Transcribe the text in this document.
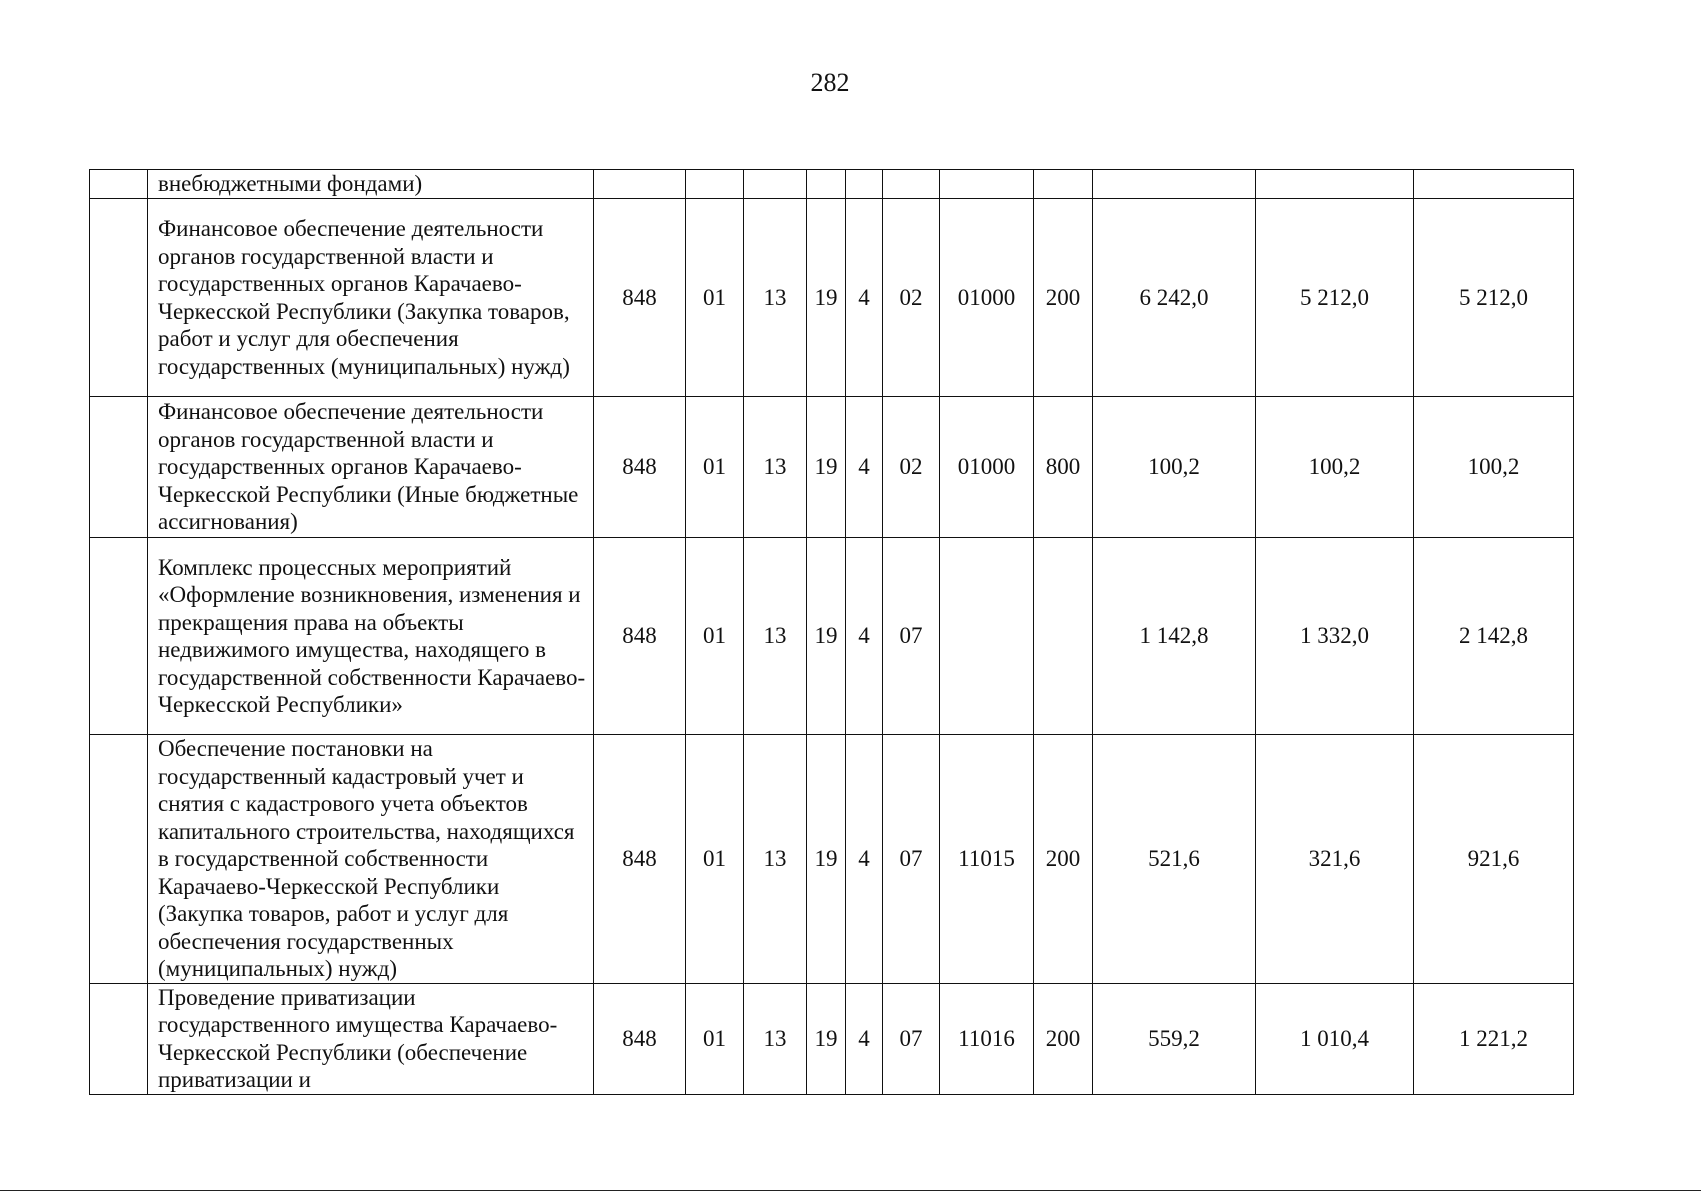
282
	внебюджетными фондами)											
	Финансовое обеспечение деятельности органов государственной власти и государственных органов Карачаево-Черкесской Республики (Закупка товаров, работ и услуг для обеспечения государственных (муниципальных) нужд)	848	01	13	19	4	02	01000	200	6 242,0	5 212,0	5 212,0
	Финансовое обеспечение деятельности органов государственной власти и государственных органов Карачаево-Черкесской Республики (Иные бюджетные ассигнования)	848	01	13	19	4	02	01000	800	100,2	100,2	100,2
	Комплекс процессных мероприятий «Оформление возникновения, изменения и прекращения права на объекты недвижимого имущества, находящего в государственной собственности Карачаево-Черкесской Республики»	848	01	13	19	4	07			1 142,8	1 332,0	2 142,8
	Обеспечение постановки на государственный кадастровый учет и снятия с кадастрового учета объектов капитального строительства, находящихся в государственной собственности Карачаево-Черкесской Республики (Закупка товаров, работ и услуг для обеспечения государственных (муниципальных) нужд)	848	01	13	19	4	07	11015	200	521,6	321,6	921,6
	Проведение приватизации государственного имущества Карачаево-Черкесской Республики (обеспечение приватизации и	848	01	13	19	4	07	11016	200	559,2	1 010,4	1 221,2
